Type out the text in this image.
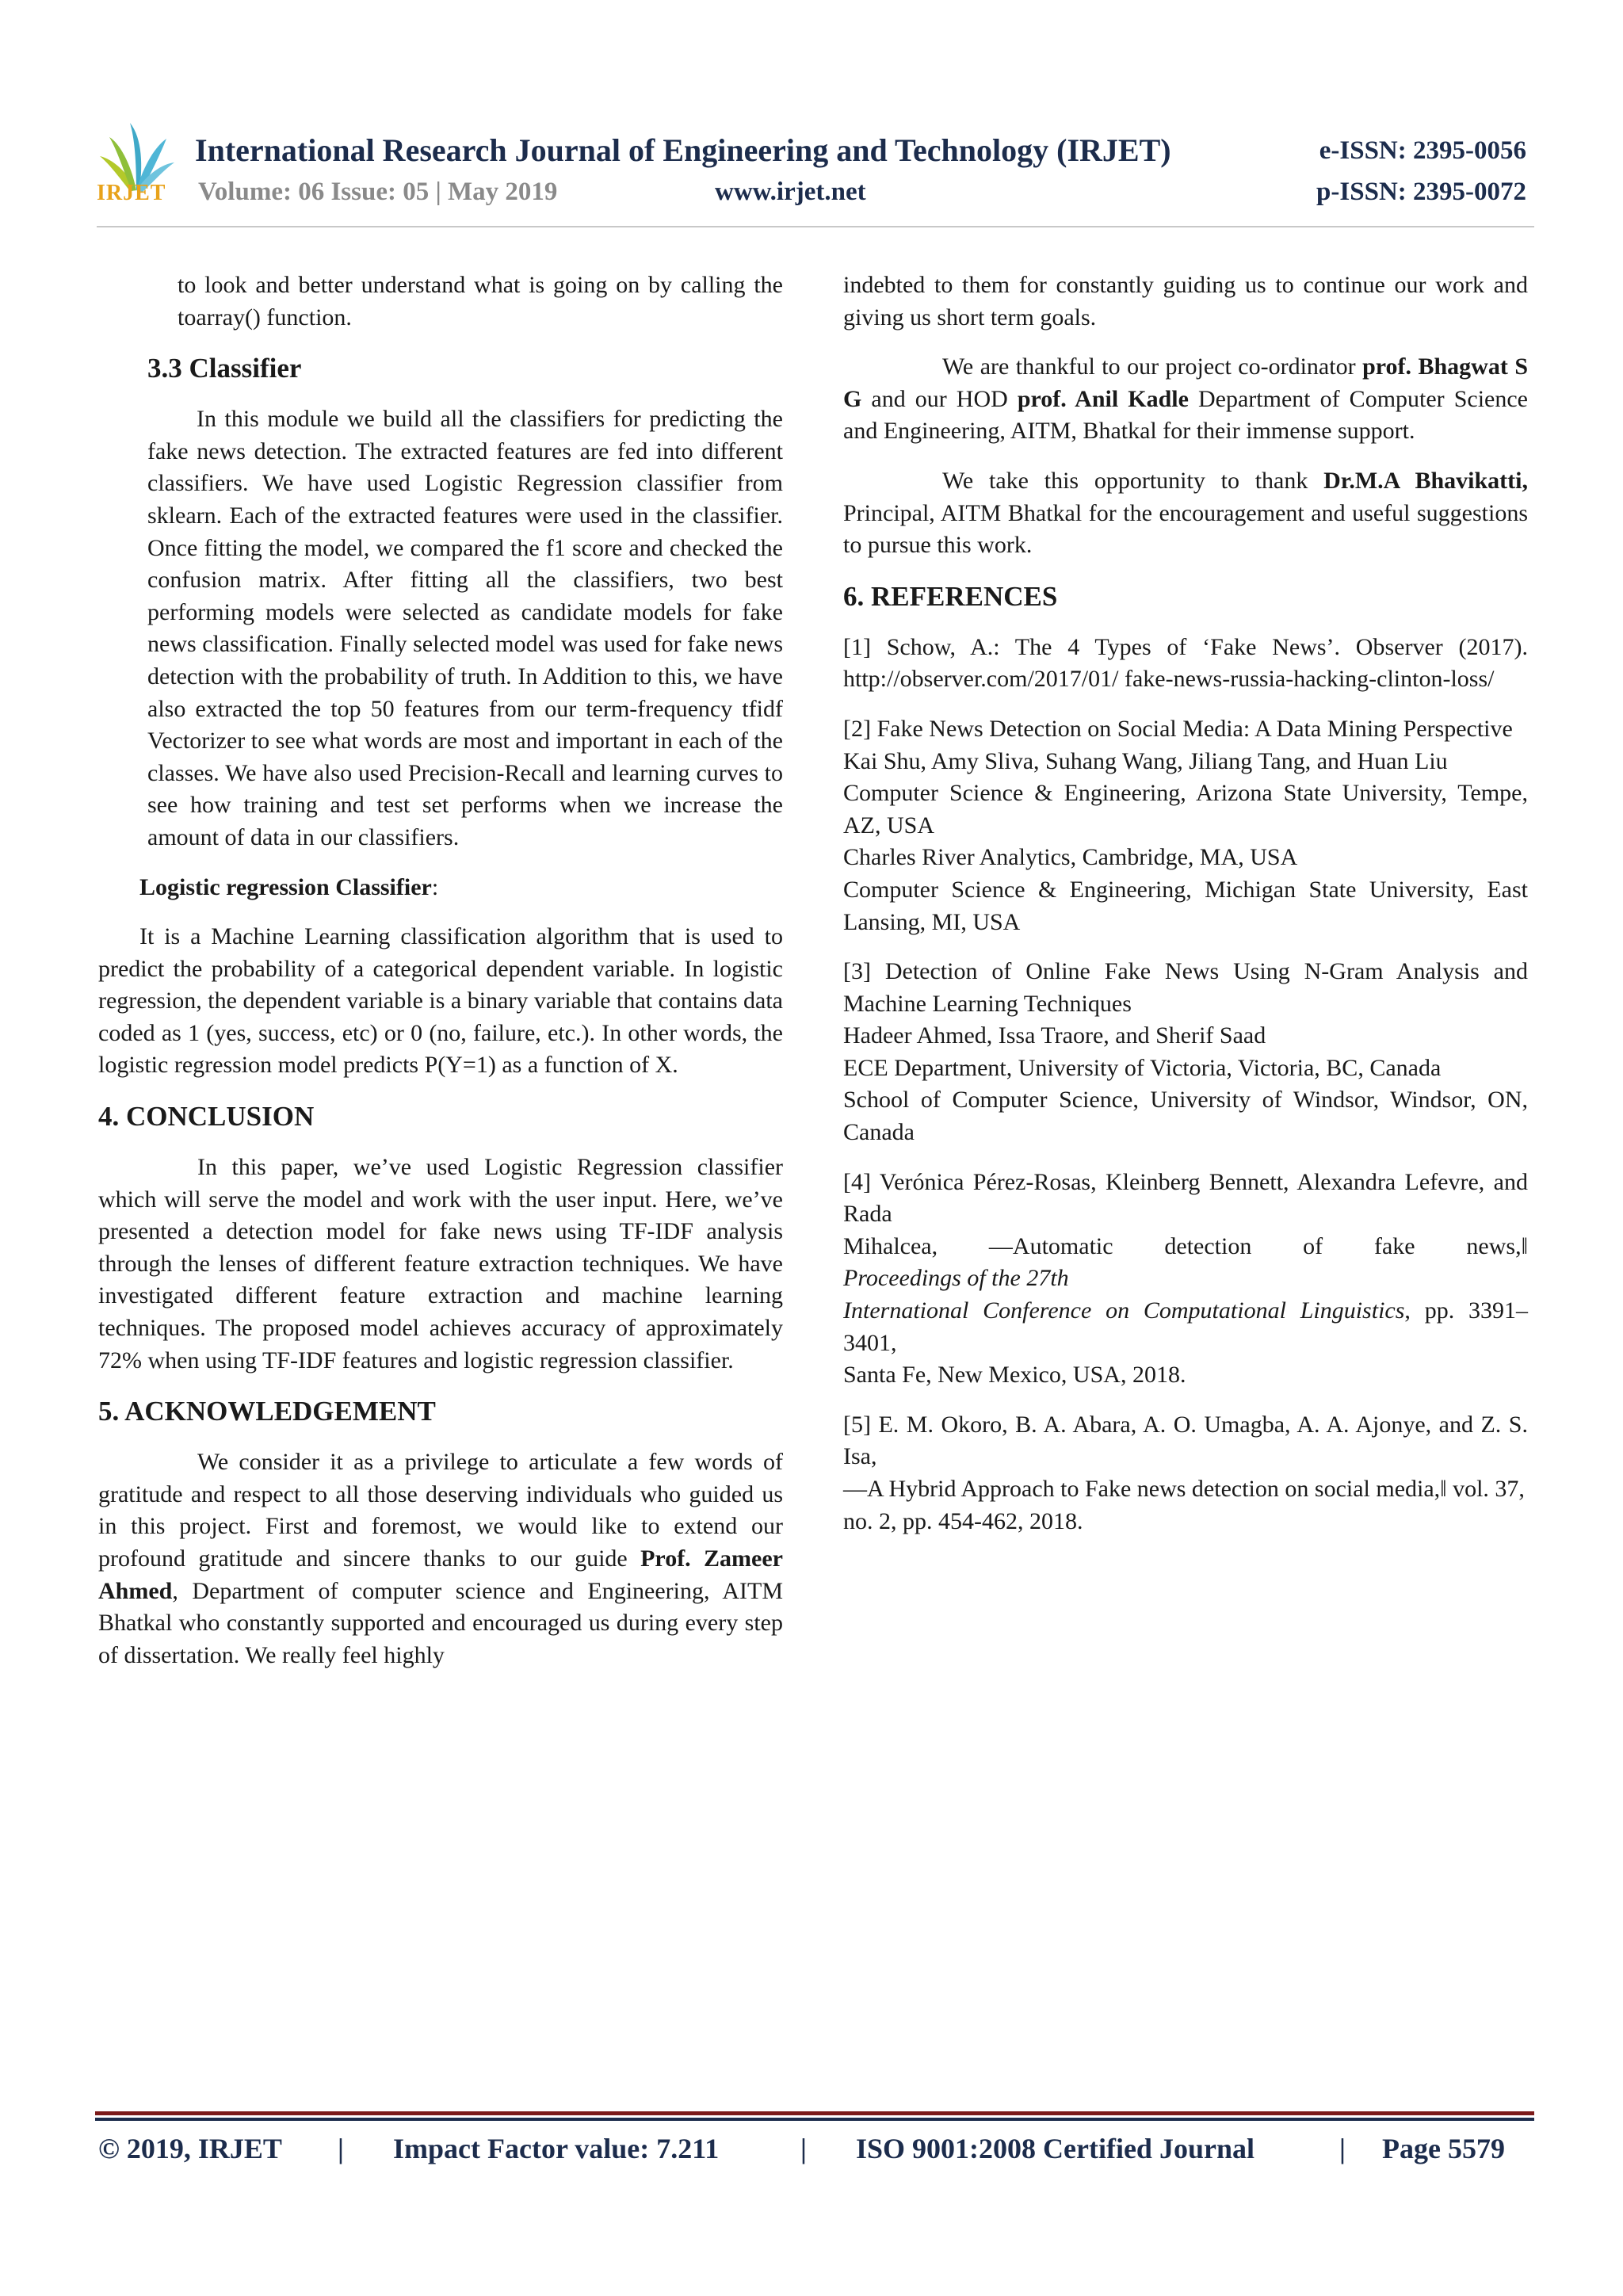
IRJET
International Research Journal of Engineering and Technology (IRJET)	e-ISSN: 2395-0056
Volume: 06 Issue: 05 | May 2019	www.irjet.net	p-ISSN: 2395-0072

to look and better understand what is going on by calling the toarray() function.

3.3 Classifier

In this module we build all the classifiers for predicting the fake news detection. The extracted features are fed into different classifiers. We have used Logistic Regression classifier from sklearn. Each of the extracted features were used in the classifier. Once fitting the model, we compared the f1 score and checked the confusion matrix. After fitting all the classifiers, two best performing models were selected as candidate models for fake news classification. Finally selected model was used for fake news detection with the probability of truth. In Addition to this, we have also extracted the top 50 features from our term-frequency tfidf Vectorizer to see what words are most and important in each of the classes. We have also used Precision-Recall and learning curves to see how training and test set performs when we increase the amount of data in our classifiers.

Logistic regression Classifier:

It is a Machine Learning classification algorithm that is used to predict the probability of a categorical dependent variable. In logistic regression, the dependent variable is a binary variable that contains data coded as 1 (yes, success, etc) or 0 (no, failure, etc.). In other words, the logistic regression model predicts P(Y=1) as a function of X.

4. CONCLUSION

In this paper, we’ve used Logistic Regression classifier which will serve the model and work with the user input. Here, we’ve presented a detection model for fake news using TF-IDF analysis through the lenses of different feature extraction techniques. We have investigated different feature extraction and machine learning techniques. The proposed model achieves accuracy of approximately 72% when using TF-IDF features and logistic regression classifier.

5. ACKNOWLEDGEMENT

We consider it as a privilege to articulate a few words of gratitude and respect to all those deserving individuals who guided us in this project. First and foremost, we would like to extend our profound gratitude and sincere thanks to our guide Prof. Zameer Ahmed, Department of computer science and Engineering, AITM Bhatkal who constantly supported and encouraged us during every step of dissertation. We really feel highly

indebted to them for constantly guiding us to continue our work and giving us short term goals.

We are thankful to our project co-ordinator prof. Bhagwat S G and our HOD prof. Anil Kadle Department of Computer Science and Engineering, AITM, Bhatkal for their immense support.

We take this opportunity to thank Dr.M.A Bhavikatti, Principal, AITM Bhatkal for the encouragement and useful suggestions to pursue this work.

6. REFERENCES

[1] Schow, A.: The 4 Types of ‘Fake News’. Observer (2017). http://observer.com/2017/01/ fake-news-russia-hacking-clinton-loss/

[2] Fake News Detection on Social Media: A Data Mining Perspective

Kai Shu, Amy Sliva, Suhang Wang, Jiliang Tang, and Huan Liu

Computer Science & Engineering, Arizona State University, Tempe, AZ, USA

Charles River Analytics, Cambridge, MA, USA

Computer Science & Engineering, Michigan State University, East Lansing, MI, USA

[3] Detection of Online Fake News Using N-Gram Analysis and Machine Learning Techniques

Hadeer Ahmed, Issa Traore, and Sherif Saad

ECE Department, University of Victoria, Victoria, BC, Canada

School of Computer Science, University of Windsor, Windsor, ON, Canada

[4] Verónica Pérez-Rosas, Kleinberg Bennett, Alexandra Lefevre, and Rada

Mihalcea, —Automatic detection of fake news,‖

Proceedings of the 27th

International Conference on Computational Linguistics, pp. 3391–3401,

Santa Fe, New Mexico, USA, 2018.

[5] E. M. Okoro, B. A. Abara, A. O. Umagba, A. A. Ajonye, and Z. S. Isa,

—A Hybrid Approach to Fake news detection on social media,‖ vol. 37,

no. 2, pp. 454-462, 2018.

© 2019, IRJET | Impact Factor value: 7.211	| ISO 9001:2008 Certified Journal	| Page 5579
